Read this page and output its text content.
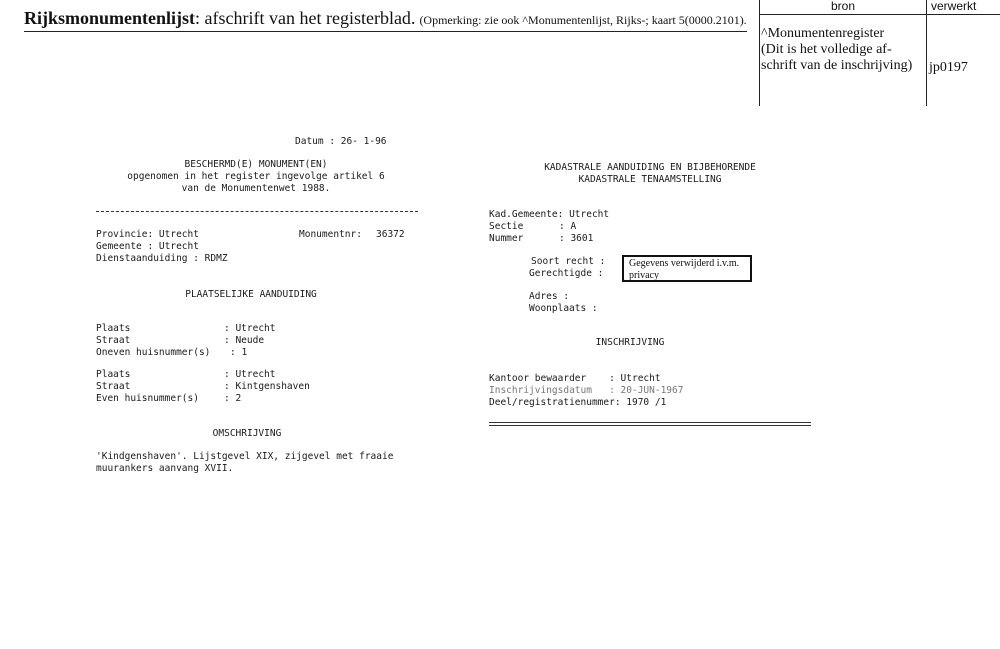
Rijksmonumentenlijst: afschrift van het registerblad. (Opmerking: zie ook ^Monumentenlijst, Rijks-; kaart 5(0000.2101).
bron	verwerkt
^Monumentenregister
(Dit is het volledige af-
schrift van de inschrijving)	jp0197
Datum : 26- 1-96
BESCHERMD(E) MONUMENT(EN)
opgenomen in het register ingevolge artikel 6
van de Monumentenwet 1988.
Provincie: Utrecht	Monumentnr: 36372
Gemeente : Utrecht
Dienstaanduiding : RDMZ
PLAATSELIJKE AANDUIDING
Plaats	: Utrecht
Straat	: Neude
Oneven huisnummer(s) : 1
Plaats	: Utrecht
Straat	: Kintgenshaven
Even huisnummer(s)	: 2
OMSCHRIJVING
'Kindgenshaven'. Lijstgevel XIX, zijgevel met fraaie
muurankers aanvang XVII.
KADASTRALE AANDUIDING EN BIJBEHORENDE
KADASTRALE TENAAMSTELLING
Kad.Gemeente: Utrecht
Sectie	: A
Nummer	: 3601
Soort recht :
Gerechtigde :
Gegevens verwijderd i.v.m. privacy
Adres :
Woonplaats :
INSCHRIJVING
Kantoor bewaarder    : Utrecht
Inschrijvingsdatum   : 20-JUN-1967
Deel/registratienummer: 1970 /1
